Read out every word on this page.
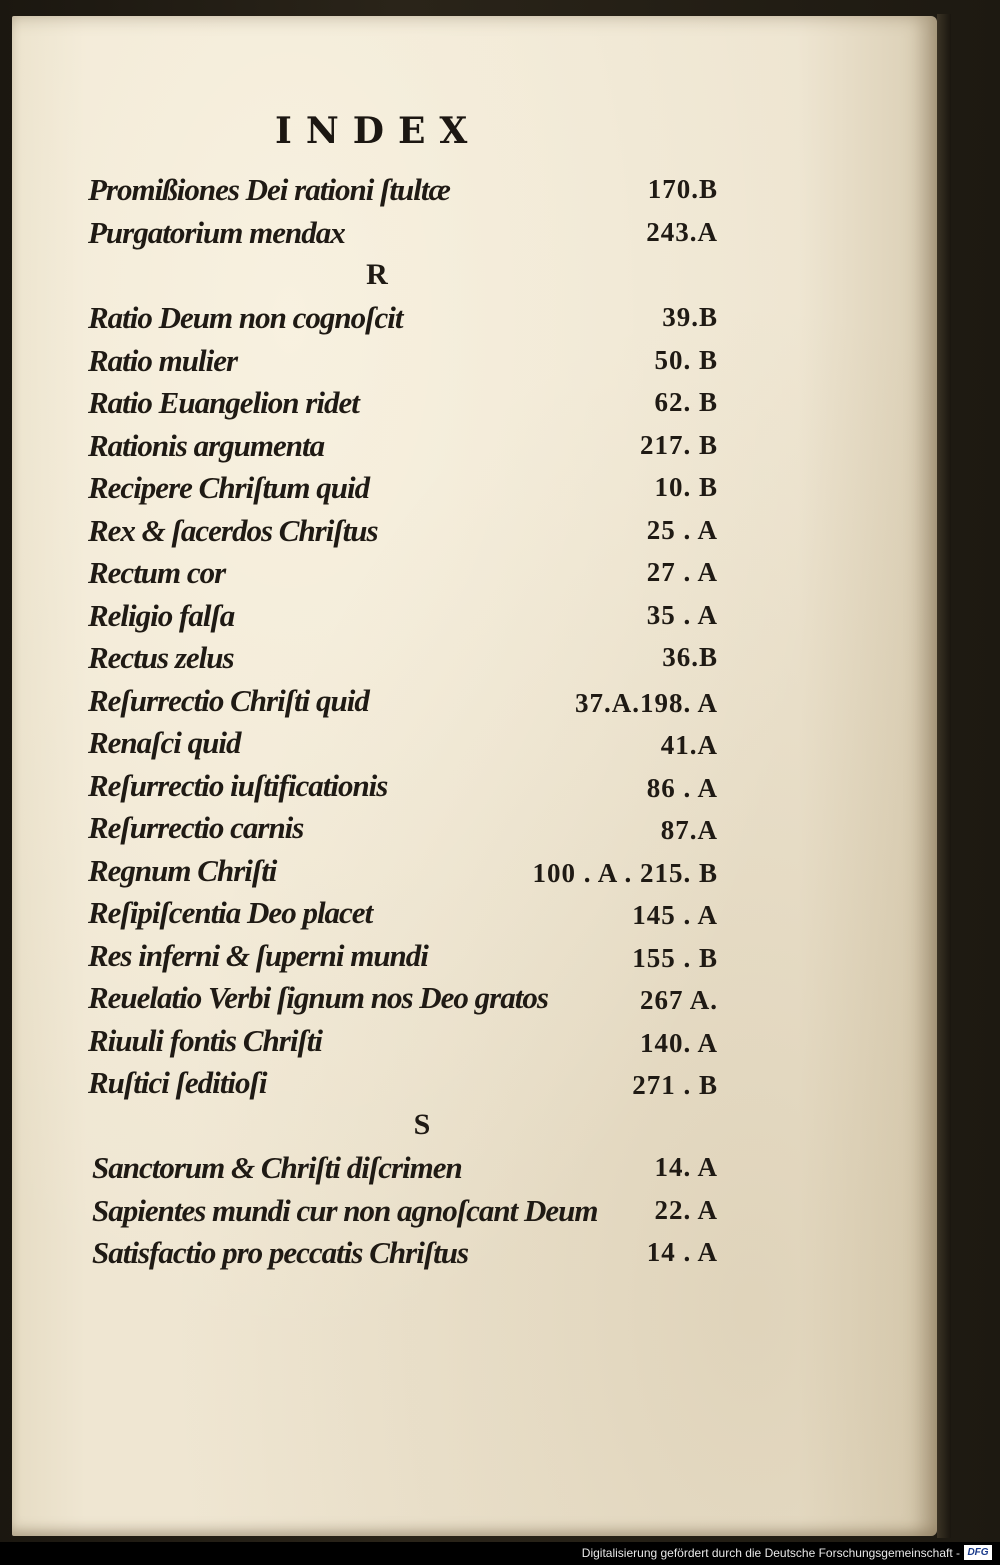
INDEX
Promißiones Dei rationi ſtultæ	170.B
Purgatorium mendax	243.A
R
Ratio Deum non cognoſcit	39.B
Ratio mulier	50. B
Ratio Euangelion ridet	62. B
Rationis argumenta	217. B
Recipere Chriſtum quid	10. B
Rex & ſacerdos Chriſtus	25 . A
Rectum cor	27 . A
Religio falſa	35 . A
Rectus zelus	36.B
Reſurrectio Chriſti quid	37.A.198. A
Renaſci quid	41.A
Reſurrectio iuſtificationis	86 . A
Reſurrectio carnis	87.A
Regnum Chriſti	100 . A . 215. B
Reſipiſcentia Deo placet	145 . A
Res inferni & ſuperni mundi	155 . B
Reuelatio Verbi ſignum nos Deo gratos	267 A.
Riuuli fontis Chriſti	140. A
Ruſtici ſeditioſi	271 . B
S
Sanctorum & Chriſti diſcrimen	14. A
Sapientes mundi cur non agnoſcant Deum 22. A
Satisfactio pro peccatis Chriſtus	14 . A
Digitalisierung gefördert durch die Deutsche Forschungsgemeinschaft - DFG
